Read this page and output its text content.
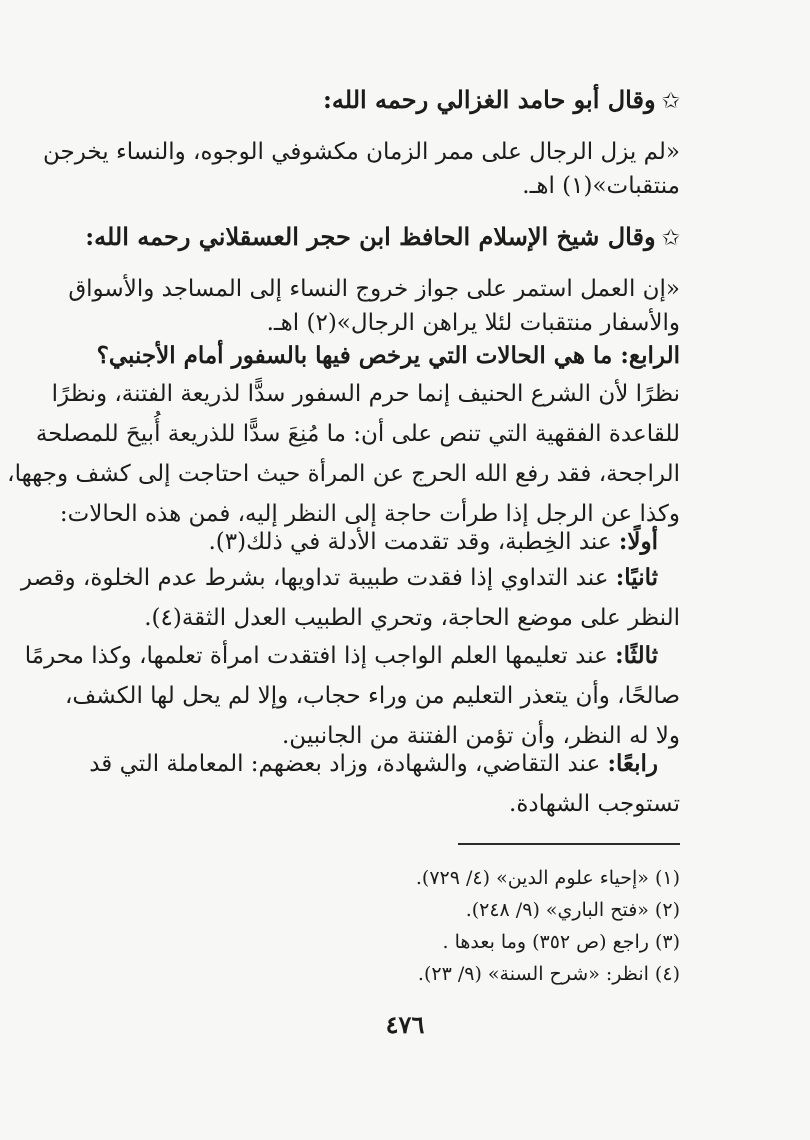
✩وقال أبو حامد الغزالي رحمه الله:
«لم يزل الرجال على ممر الزمان مكشوفي الوجوه، والنساء يخرجن
منتقبات»(١) اهـ.
✩وقال شيخ الإسلام الحافظ ابن حجر العسقلاني رحمه الله:
«إن العمل استمر على جواز خروج النساء إلى المساجد والأسواق
والأسفار منتقبات لئلا يراهن الرجال»(٢) اهـ.
الرابع: ما هي الحالات التي يرخص فيها بالسفور أمام الأجنبي؟
نظرًا لأن الشرع الحنيف إنما حرم السفور سدًّا لذريعة الفتنة، ونظرًا
للقاعدة الفقهية التي تنص على أن: ما مُنِعَ سدًّا للذريعة أُبيحَ للمصلحة
الراجحة، فقد رفع الله الحرج عن المرأة حيث احتاجت إلى كشف وجهها،
وكذا عن الرجل إذا طرأت حاجة إلى النظر إليه، فمن هذه الحالات:
أولًا: عند الخِطبة، وقد تقدمت الأدلة في ذلك(٣).
ثانيًا: عند التداوي إذا فقدت طبيبة تداويها، بشرط عدم الخلوة، وقصر
النظر على موضع الحاجة، وتحري الطبيب العدل الثقة(٤).
ثالثًا: عند تعليمها العلم الواجب إذا افتقدت امرأة تعلمها، وكذا محرمًا
صالحًا، وأن يتعذر التعليم من وراء حجاب، وإلا لم يحل لها الكشف،
ولا له النظر، وأن تؤمن الفتنة من الجانبين.
رابعًا: عند التقاضي، والشهادة، وزاد بعضهم: المعاملة التي قد
تستوجب الشهادة.
(١) «إحياء علوم الدين» (٤/ ٧٢٩).
(٢) «فتح الباري» (٩/ ٢٤٨).
(٣) راجع (ص ٣٥٢) وما بعدها .
(٤) انظر: «شرح السنة» (٩/ ٢٣).
٤٧٦
